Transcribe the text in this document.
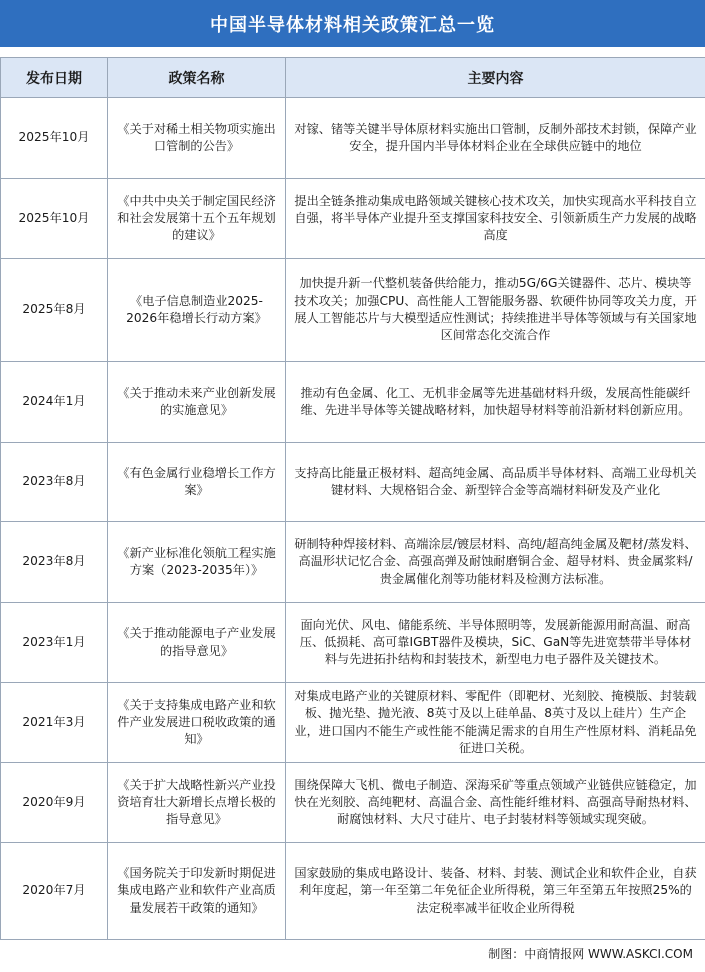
中国半导体材料相关政策汇总一览
发布日期	政策名称	主要内容
2025年10月	《关于对稀土相关物项实施出口管制的公告》	对镓、锗等关键半导体原材料实施出口管制，反制外部技术封锁，保障产业安全，提升国内半导体材料企业在全球供应链中的地位
2025年10月	《中共中央关于制定国民经济和社会发展第十五个五年规划的建议》	提出全链条推动集成电路领域关键核心技术攻关，加快实现高水平科技自立自强，将半导体产业提升至支撑国家科技安全、引领新质生产力发展的战略高度
2025年8月	《电子信息制造业2025-2026年稳增长行动方案》	加快提升新一代整机装备供给能力，推动5G/6G关键器件、芯片、模块等技术攻关；加强CPU、高性能人工智能服务器、软硬件协同等攻关力度，开展人工智能芯片与大模型适应性测试；持续推进半导体等领域与有关国家地区间常态化交流合作
2024年1月	《关于推动未来产业创新发展的实施意见》	推动有色金属、化工、无机非金属等先进基础材料升级，发展高性能碳纤维、先进半导体等关键战略材料，加快超导材料等前沿新材料创新应用。
2023年8月	《有色金属行业稳增长工作方案》	支持高比能量正极材料、超高纯金属、高品质半导体材料、高端工业母机关键材料、大规格铝合金、新型锌合金等高端材料研发及产业化
2023年8月	《新产业标准化领航工程实施方案（2023-2035年）》	研制特种焊接材料、高端涂层/镀层材料、高纯/超高纯金属及靶材/蒸发料、高温形状记忆合金、高强高弹及耐蚀耐磨铜合金、超导材料、贵金属浆料/贵金属催化剂等功能材料及检测方法标准。
2023年1月	《关于推动能源电子产业发展的指导意见》	面向光伏、风电、储能系统、半导体照明等，发展新能源用耐高温、耐高压、低损耗、高可靠IGBT器件及模块，SiC、GaN等先进宽禁带半导体材料与先进拓扑结构和封装技术，新型电力电子器件及关键技术。
2021年3月	《关于支持集成电路产业和软件产业发展进口税收政策的通知》	对集成电路产业的关键原材料、零配件（即靶材、光刻胶、掩模版、封装载板、抛光垫、抛光液、8英寸及以上硅单晶、8英寸及以上硅片）生产企业，进口国内不能生产或性能不能满足需求的自用生产性原材料、消耗品免征进口关税。
2020年9月	《关于扩大战略性新兴产业投资培育壮大新增长点增长极的指导意见》	围绕保障大飞机、微电子制造、深海采矿等重点领域产业链供应链稳定，加快在光刻胶、高纯靶材、高温合金、高性能纤维材料、高强高导耐热材料、耐腐蚀材料、大尺寸硅片、电子封装材料等领域实现突破。
2020年7月	《国务院关于印发新时期促进集成电路产业和软件产业高质量发展若干政策的通知》	国家鼓励的集成电路设计、装备、材料、封装、测试企业和软件企业，自获利年度起，第一年至第二年免征企业所得税，第三年至第五年按照25%的法定税率减半征收企业所得税
制图：中商情报网 WWW.ASKCI.COM
